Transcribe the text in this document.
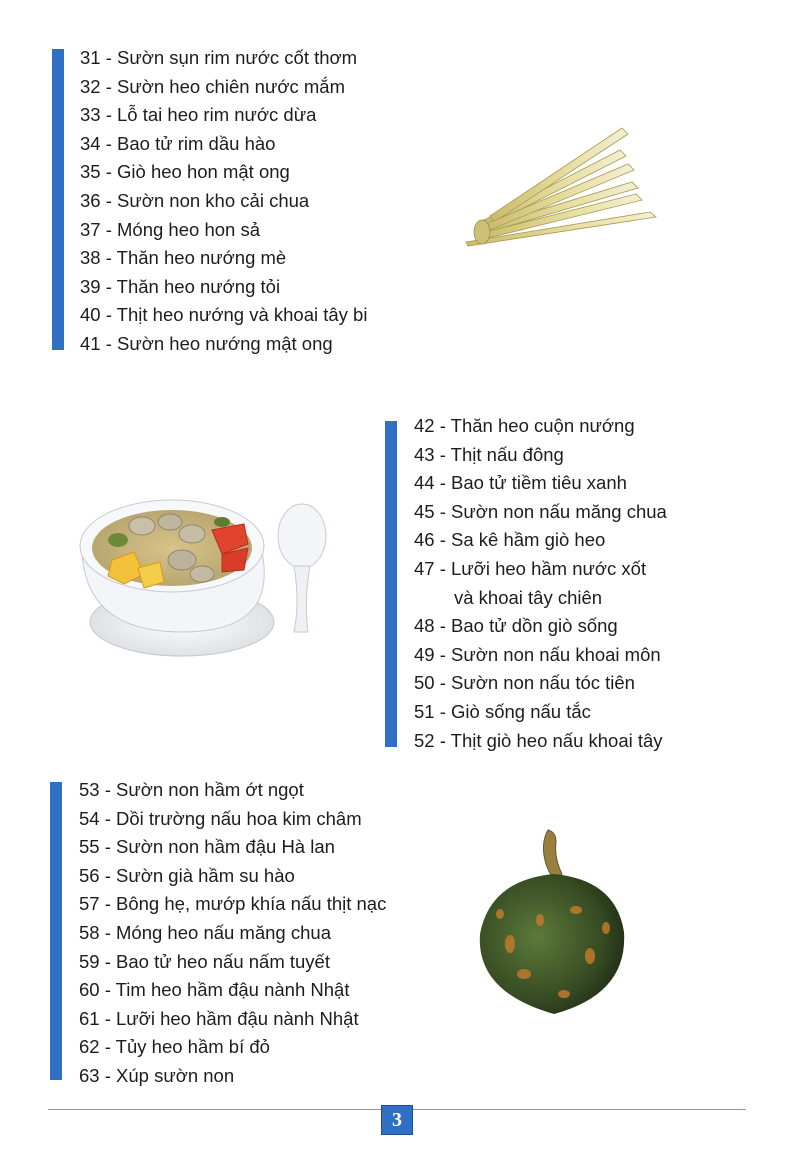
31 - Sườn sụn rim nước cốt thơm
32 - Sườn heo chiên nước mắm
33 - Lỗ tai heo rim nước dừa
34 - Bao tử rim dầu hào
35 - Giò heo hon mật ong
36 - Sườn non kho cải chua
37 - Móng heo hon sả
38 - Thăn heo nướng mè
39 - Thăn heo nướng tỏi
40 - Thịt heo nướng và khoai tây bi
41 - Sườn heo nướng mật ong
42 - Thăn heo cuộn nướng
43 - Thịt nấu đông
44 - Bao tử tiềm tiêu xanh
45 - Sườn non nấu măng chua
46 - Sa kê hầm giò heo
47 - Lưỡi heo hầm nước xốt
và khoai tây chiên
48 - Bao tử dồn giò sống
49 - Sườn non nấu khoai môn
50 - Sườn non nấu tóc tiên
51 - Giò sống nấu tắc
52 - Thịt giò heo nấu khoai tây
53 - Sườn non hầm ớt ngọt
54 - Dồi trường nấu hoa kim châm
55 - Sườn non hầm đậu Hà lan
56 - Sườn già hầm su hào
57 - Bông hẹ, mướp khía nấu thịt nạc
58 - Móng heo nấu măng chua
59 - Bao tử heo nấu nấm tuyết
60 - Tim heo hầm đậu nành Nhật
61 - Lưỡi heo hầm đậu nành Nhật
62 - Tủy heo hầm bí đỏ
63 - Xúp sườn non
3
